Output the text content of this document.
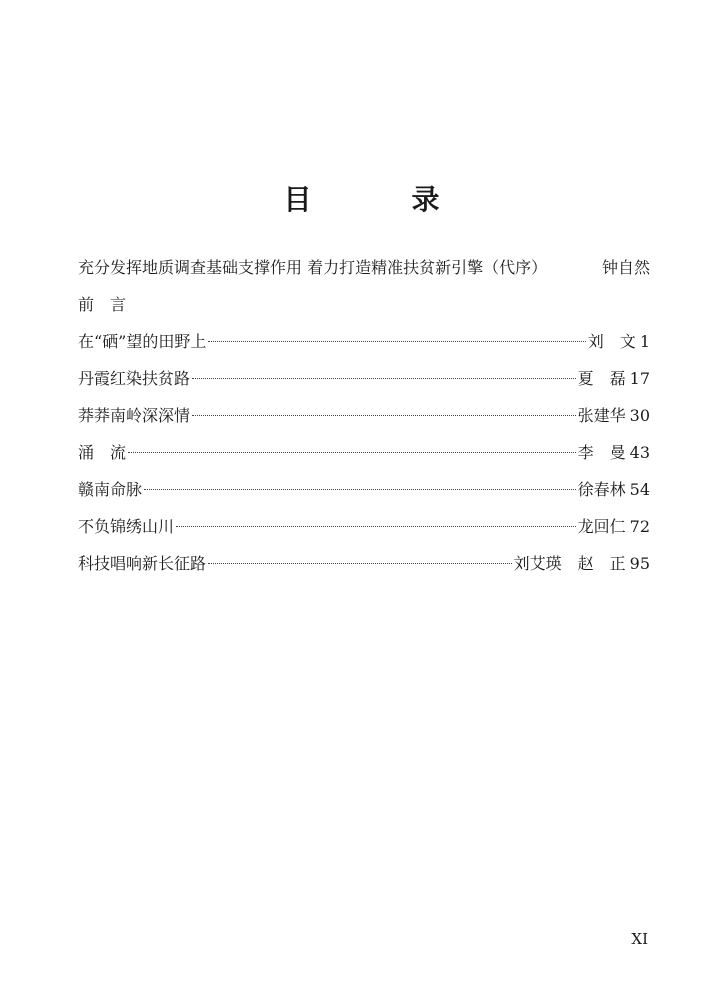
目　录
充分发挥地质调查基础支撑作用 着力打造精准扶贫新引擎（代序）	钟自然
前　言
在“硒”望的田野上	刘　文 1
丹霞红染扶贫路	夏　磊 17
莽莽南岭深深情	张建华 30
涌　流	李　曼 43
赣南命脉	徐春林 54
不负锦绣山川	龙回仁 72
科技唱响新长征路	刘艾瑛　赵　正 95
XI
